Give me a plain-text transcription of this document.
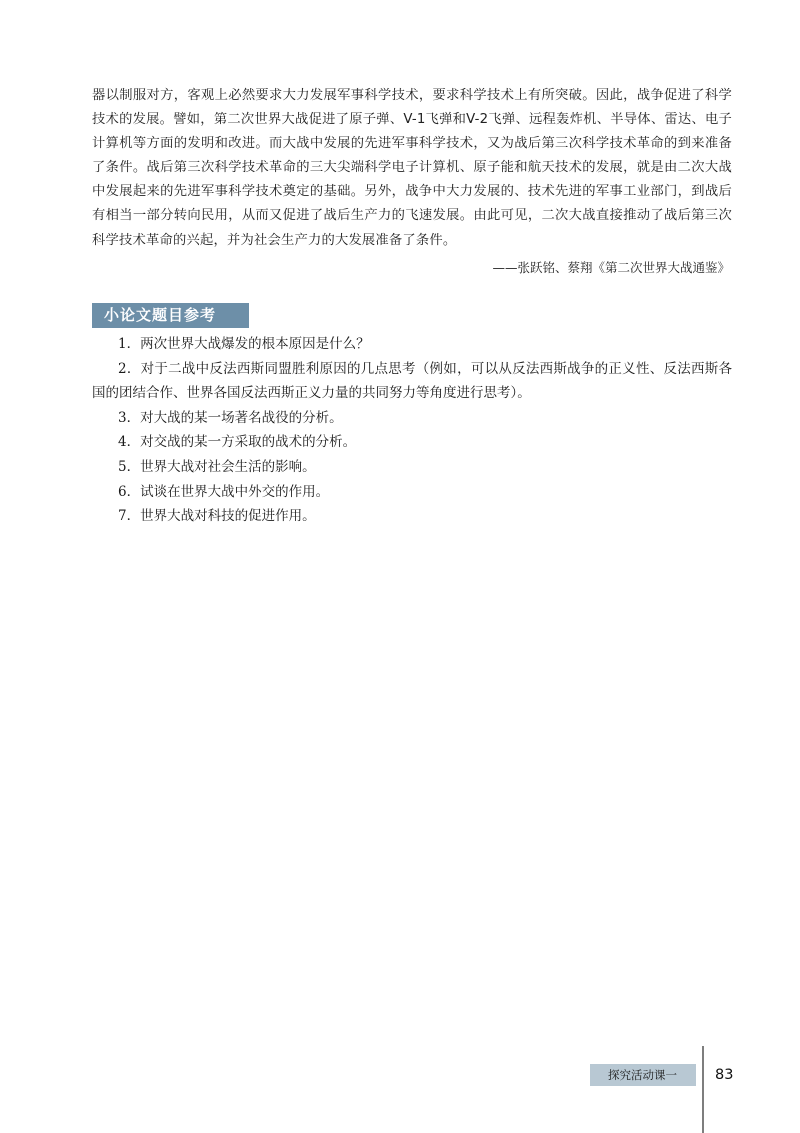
器以制服对方，客观上必然要求大力发展军事科学技术，要求科学技术上有所突破。因此，战争促进了科学技术的发展。譬如，第二次世界大战促进了原子弹、V-1飞弹和V-2飞弹、远程轰炸机、半导体、雷达、电子计算机等方面的发明和改进。而大战中发展的先进军事科学技术，又为战后第三次科学技术革命的到来准备了条件。战后第三次科学技术革命的三大尖端科学电子计算机、原子能和航天技术的发展，就是由二次大战中发展起来的先进军事科学技术奠定的基础。另外，战争中大力发展的、技术先进的军事工业部门，到战后有相当一部分转向民用，从而又促进了战后生产力的飞速发展。由此可见，二次大战直接推动了战后第三次科学技术革命的兴起，并为社会生产力的大发展准备了条件。
——张跃铭、蔡翔《第二次世界大战通鉴》
小论文题目参考
1．两次世界大战爆发的根本原因是什么？
2．对于二战中反法西斯同盟胜利原因的几点思考（例如，可以从反法西斯战争的正义性、反法西斯各国的团结合作、世界各国反法西斯正义力量的共同努力等角度进行思考）。
3．对大战的某一场著名战役的分析。
4．对交战的某一方采取的战术的分析。
5．世界大战对社会生活的影响。
6．试谈在世界大战中外交的作用。
7．世界大战对科技的促进作用。
探究活动课一	83
